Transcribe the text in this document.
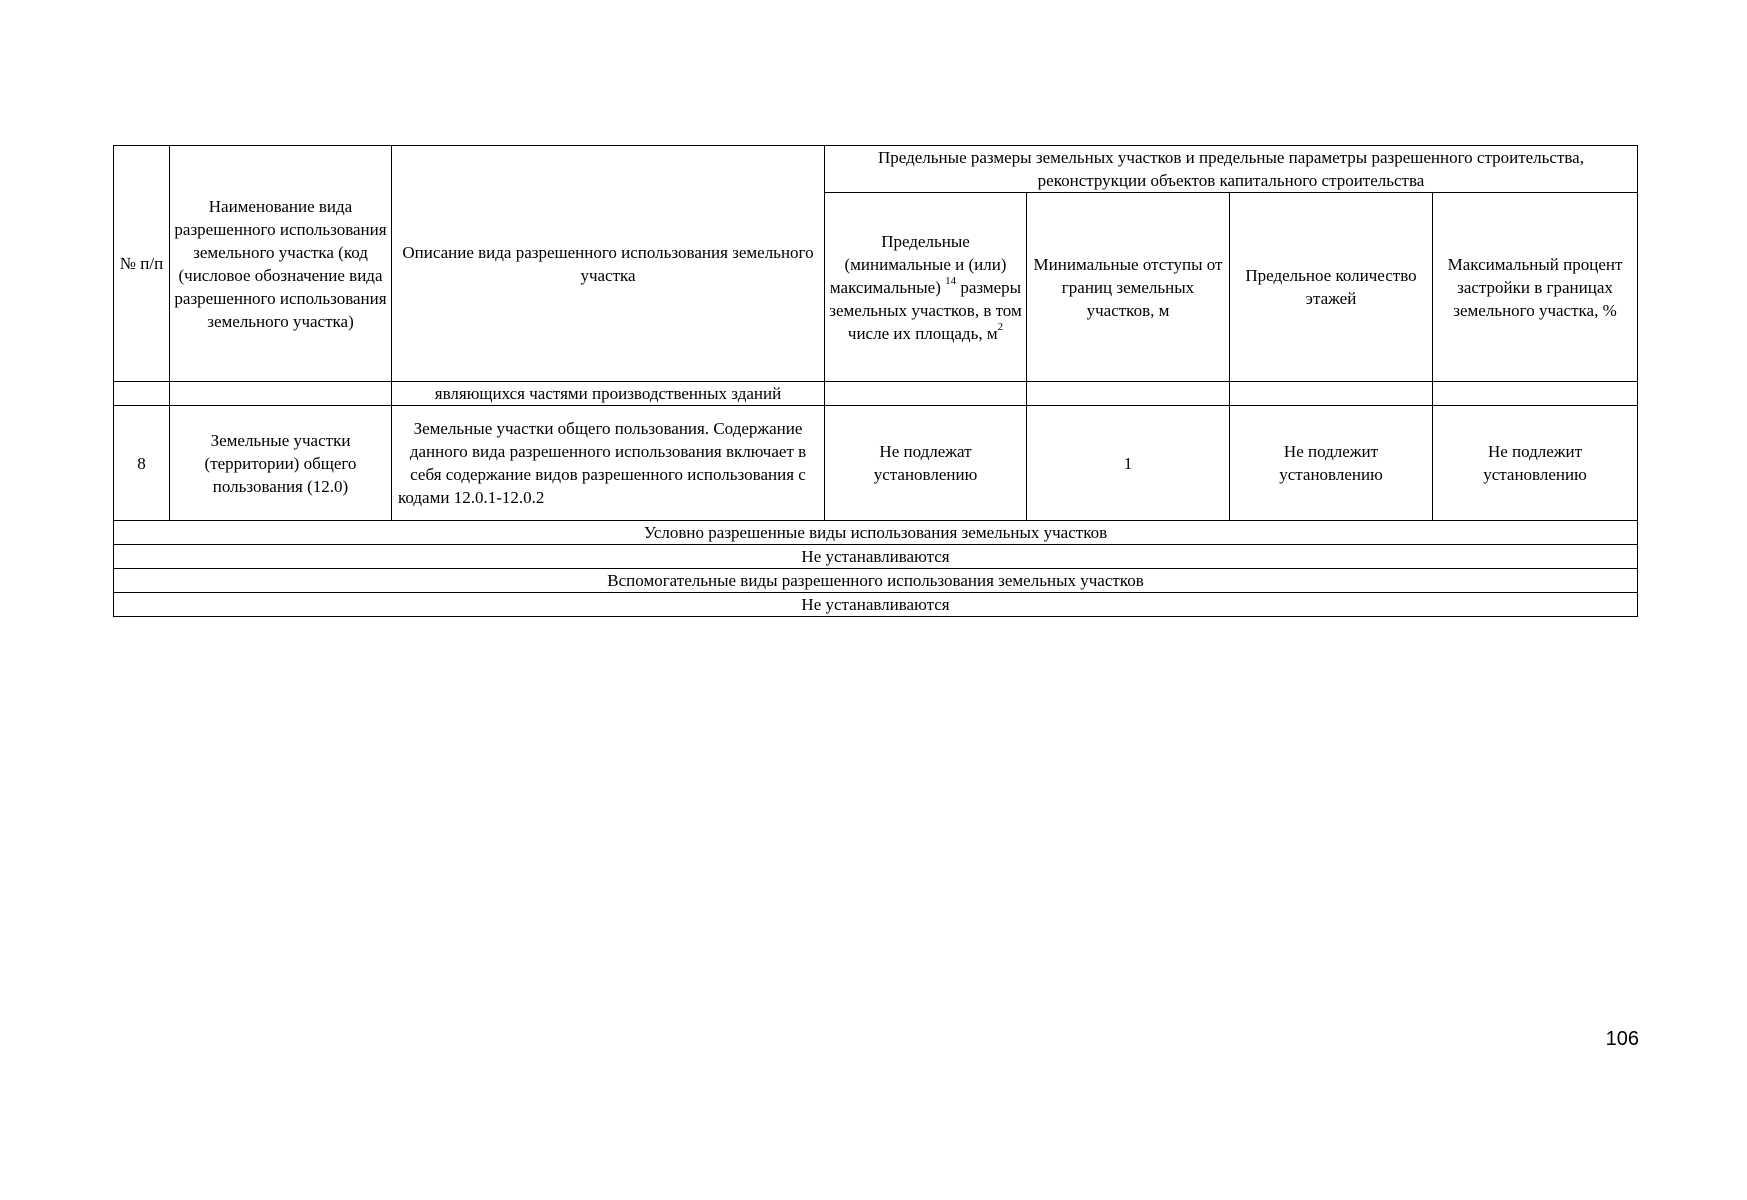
№ п/п	Наименование вида разрешенного использования земельного участка (код (числовое обозначение вида разрешенного использования земельного участка)	Описание вида разрешенного использования земельного участка	Предельные размеры земельных участков и предельные параметры разрешенного строительства, реконструкции объектов капитального строительства			
			Предельные (минимальные и (или) максимальные) $^{14}$ размеры земельных участков, в том числе их площадь, $м^2$	Минимальные отступы от границ земельных участков, м	Предельное количество этажей	Максимальный процент застройки в границах земельного участка, %
		являющихся частями производственных зданий				
8	Земельные участки (территории) общего пользования (12.0)	Земельные участки общего пользования. Содержание данного вида разрешенного использования включает в себя содержание видов разрешенного использования с кодами 12.0.1-12.0.2	Не подлежат установлению	1	Не подлежит установлению	Не подлежит установлению
Условно разрешенные виды использования земельных участков						
Не устанавливаются						
Вспомогательные виды разрешенного использования земельных участков						
Не устанавливаются						
106
